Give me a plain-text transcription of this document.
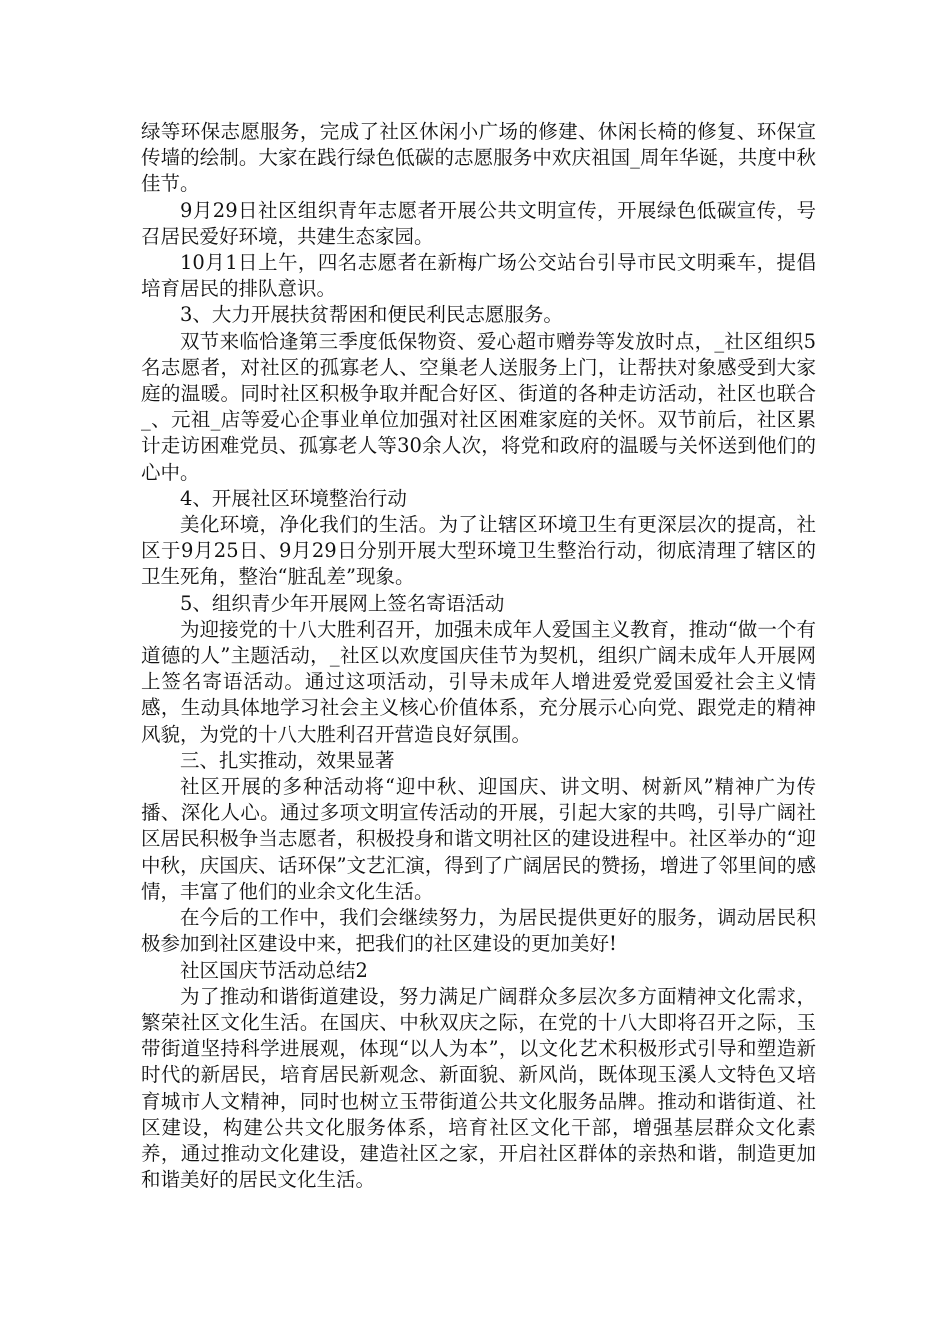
绿等环保志愿服务，完成了社区休闲小广场的修建、休闲长椅的修复、环保宣传墙的绘制。大家在践行绿色低碳的志愿服务中欢庆祖国_周年华诞，共度中秋佳节。

9月29日社区组织青年志愿者开展公共文明宣传，开展绿色低碳宣传，号召居民爱好环境，共建生态家园。

10月1日上午，四名志愿者在新梅广场公交站台引导市民文明乘车，提倡培育居民的排队意识。

3、大力开展扶贫帮困和便民利民志愿服务。

双节来临恰逢第三季度低保物资、爱心超市赠券等发放时点，_社区组织5名志愿者，对社区的孤寡老人、空巢老人送服务上门，让帮扶对象感受到大家庭的温暖。同时社区积极争取并配合好区、街道的各种走访活动，社区也联合_、元祖_店等爱心企事业单位加强对社区困难家庭的关怀。双节前后，社区累计走访困难党员、孤寡老人等30余人次，将党和政府的温暖与关怀送到他们的心中。

4、开展社区环境整治行动

美化环境，净化我们的生活。为了让辖区环境卫生有更深层次的提高，社区于9月25日、9月29日分别开展大型环境卫生整治行动，彻底清理了辖区的卫生死角，整治“脏乱差”现象。

5、组织青少年开展网上签名寄语活动

为迎接党的十八大胜利召开，加强未成年人爱国主义教育，推动“做一个有道德的人”主题活动，_社区以欢度国庆佳节为契机，组织广阔未成年人开展网上签名寄语活动。通过这项活动，引导未成年人增进爱党爱国爱社会主义情感，生动具体地学习社会主义核心价值体系，充分展示心向党、跟党走的精神风貌，为党的十八大胜利召开营造良好氛围。

三、扎实推动，效果显著

社区开展的多种活动将“迎中秋、迎国庆、讲文明、树新风”精神广为传播、深化人心。通过多项文明宣传活动的开展，引起大家的共鸣，引导广阔社区居民积极争当志愿者，积极投身和谐文明社区的建设进程中。社区举办的“迎中秋，庆国庆、话环保”文艺汇演，得到了广阔居民的赞扬，增进了邻里间的感情，丰富了他们的业余文化生活。

在今后的工作中，我们会继续努力，为居民提供更好的服务，调动居民积极参加到社区建设中来，把我们的社区建设的更加美好!

社区国庆节活动总结2

为了推动和谐街道建设，努力满足广阔群众多层次多方面精神文化需求，繁荣社区文化生活。在国庆、中秋双庆之际，在党的十八大即将召开之际，玉带街道坚持科学进展观，体现“以人为本”，以文化艺术积极形式引导和塑造新时代的新居民，培育居民新观念、新面貌、新风尚，既体现玉溪人文特色又培育城市人文精神，同时也树立玉带街道公共文化服务品牌。推动和谐街道、社区建设，构建公共文化服务体系，培育社区文化干部，增强基层群众文化素养，通过推动文化建设，建造社区之家，开启社区群体的亲热和谐，制造更加和谐美好的居民文化生活。
